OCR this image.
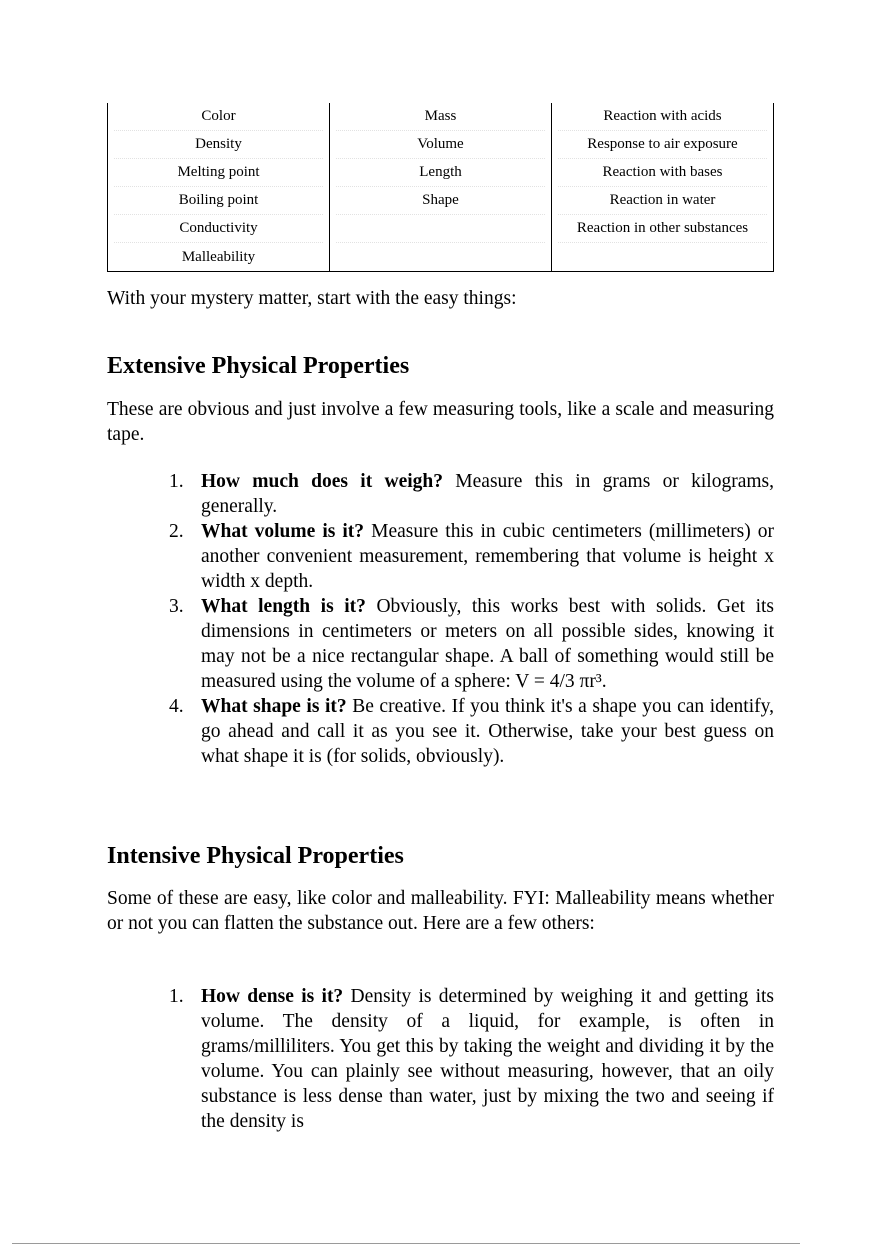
Color	Mass	Reaction with acids

Density	Volume	Response to air exposure

Melting point	Length	Reaction with bases

Boiling point	Shape	Reaction in water

Conductivity		Reaction in other substances

Malleability		

With your mystery matter, start with the easy things:

Extensive Physical Properties

These are obvious and just involve a few measuring tools, like a scale and measuring tape.

1. How much does it weigh? Measure this in grams or kilograms, generally.
2. What volume is it? Measure this in cubic centimeters (millimeters) or another convenient measurement, remembering that volume is height x width x depth.
3. What length is it? Obviously, this works best with solids. Get its dimensions in centimeters or meters on all possible sides, knowing it may not be a nice rectangular shape. A ball of something would still be measured using the volume of a sphere: V = 4/3 πr³.
4. What shape is it? Be creative. If you think it's a shape you can identify, go ahead and call it as you see it. Otherwise, take your best guess on what shape it is (for solids, obviously).
Intensive Physical Properties

Some of these are easy, like color and malleability. FYI: Malleability means whether or not you can flatten the substance out. Here are a few others:

1. How dense is it? Density is determined by weighing it and getting its volume. The density of a liquid, for example, is often in grams/milliliters. You get this by taking the weight and dividing it by the volume. You can plainly see without measuring, however, that an oily substance is less dense than water, just by mixing the two and seeing if the density is
